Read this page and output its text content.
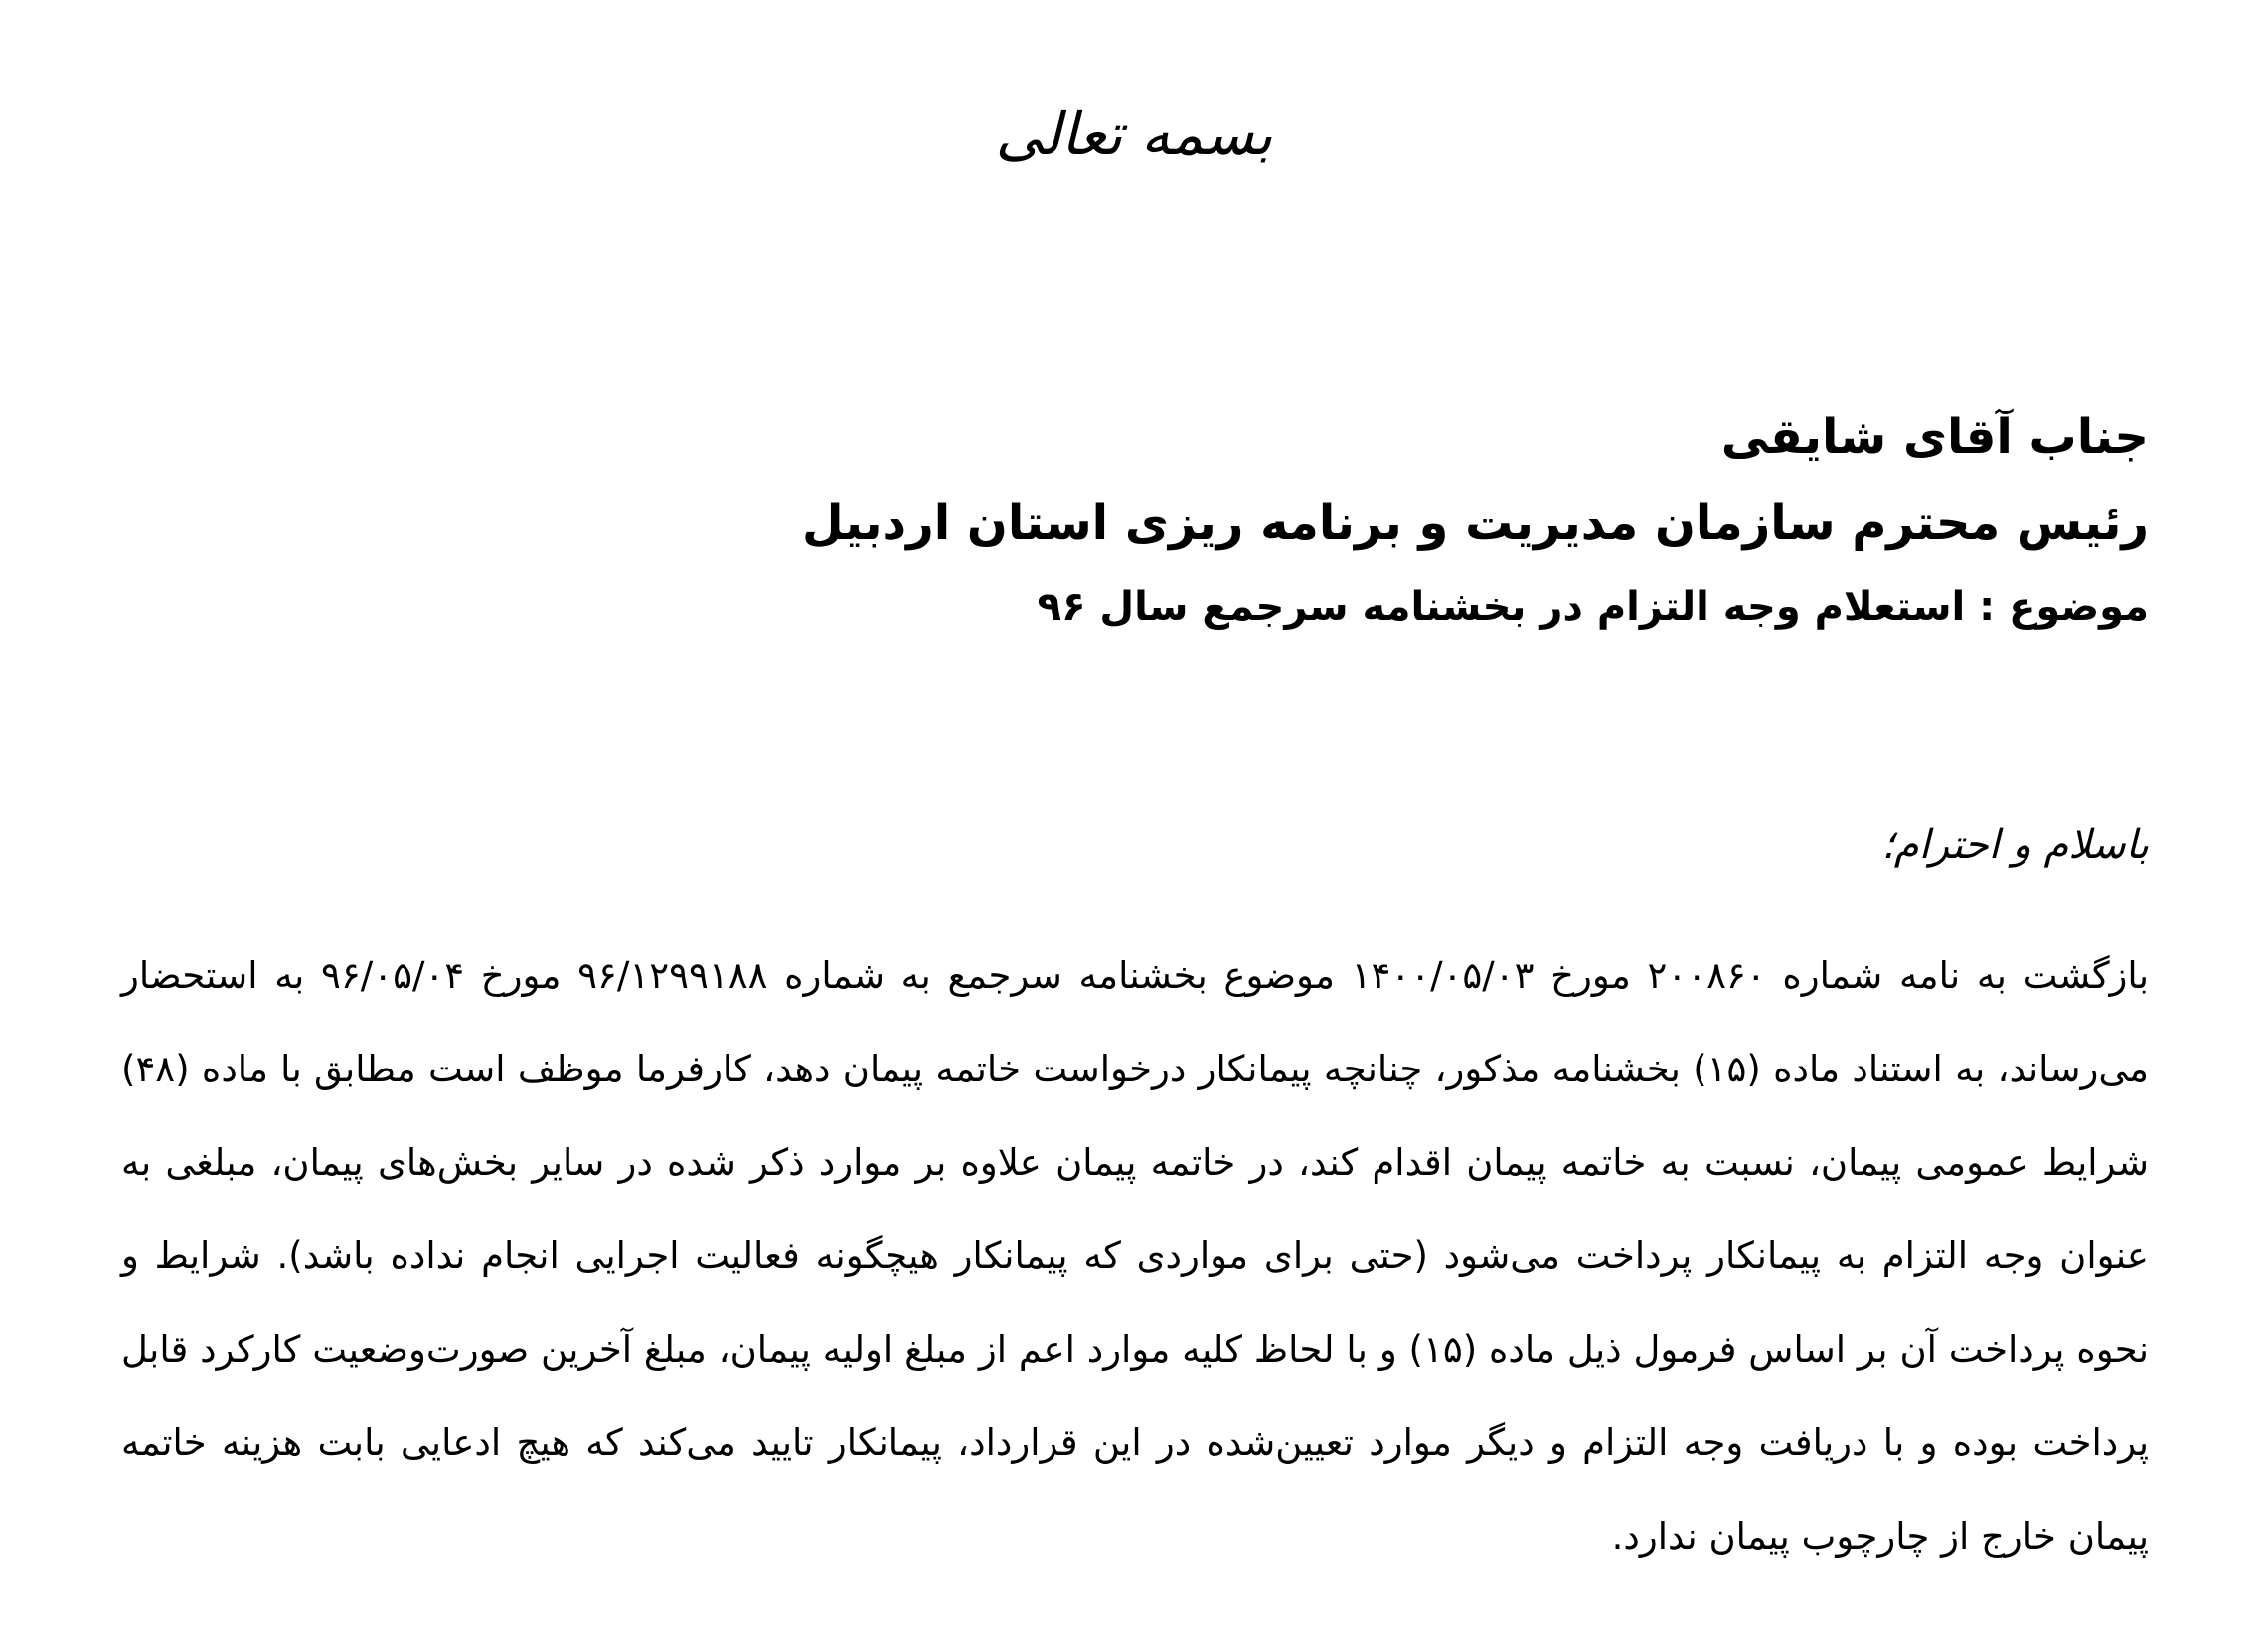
بسمه تعالی

جناب آقای شایقی

رئیس محترم سازمان مدیریت و برنامه ریزی استان اردبیل

موضوع : استعلام وجه التزام در بخشنامه سرجمع سال ۹۶

باسلام و احترام؛

بازگشت به نامه شماره ۲۰۰۸۶۰ مورخ ۱۴۰۰/۰۵/۰۳ موضوع بخشنامه سرجمع به شماره ۹۶/۱۲۹۹۱۸۸ مورخ ۹۶/۰۵/۰۴ به استحضار می‌رساند، به استناد ماده (۱۵) بخشنامه مذکور، چنانچه پیمانکار درخواست خاتمه پیمان دهد، کارفرما موظف است مطابق با ماده (۴۸) شرایط عمومی پیمان، نسبت به خاتمه پیمان اقدام کند، در خاتمه پیمان علاوه بر موارد ذکر شده در سایر بخش‌های پیمان، مبلغی به عنوان وجه التزام به پیمانکار پرداخت می‌شود (حتی برای مواردی که پیمانکار هیچگونه فعالیت اجرایی انجام نداده باشد). شرایط و نحوه پرداخت آن بر اساس فرمول ذیل ماده (۱۵) و با لحاظ کلیه موارد اعم از مبلغ اولیه پیمان، مبلغ آخرین صورت‌وضعیت کارکرد قابل پرداخت بوده و با دریافت وجه التزام و دیگر موارد تعیین‌شده در این قرارداد، پیمانکار تایید می‌کند که هیچ ادعایی بابت هزینه خاتمه پیمان خارج از چارچوب پیمان ندارد.
